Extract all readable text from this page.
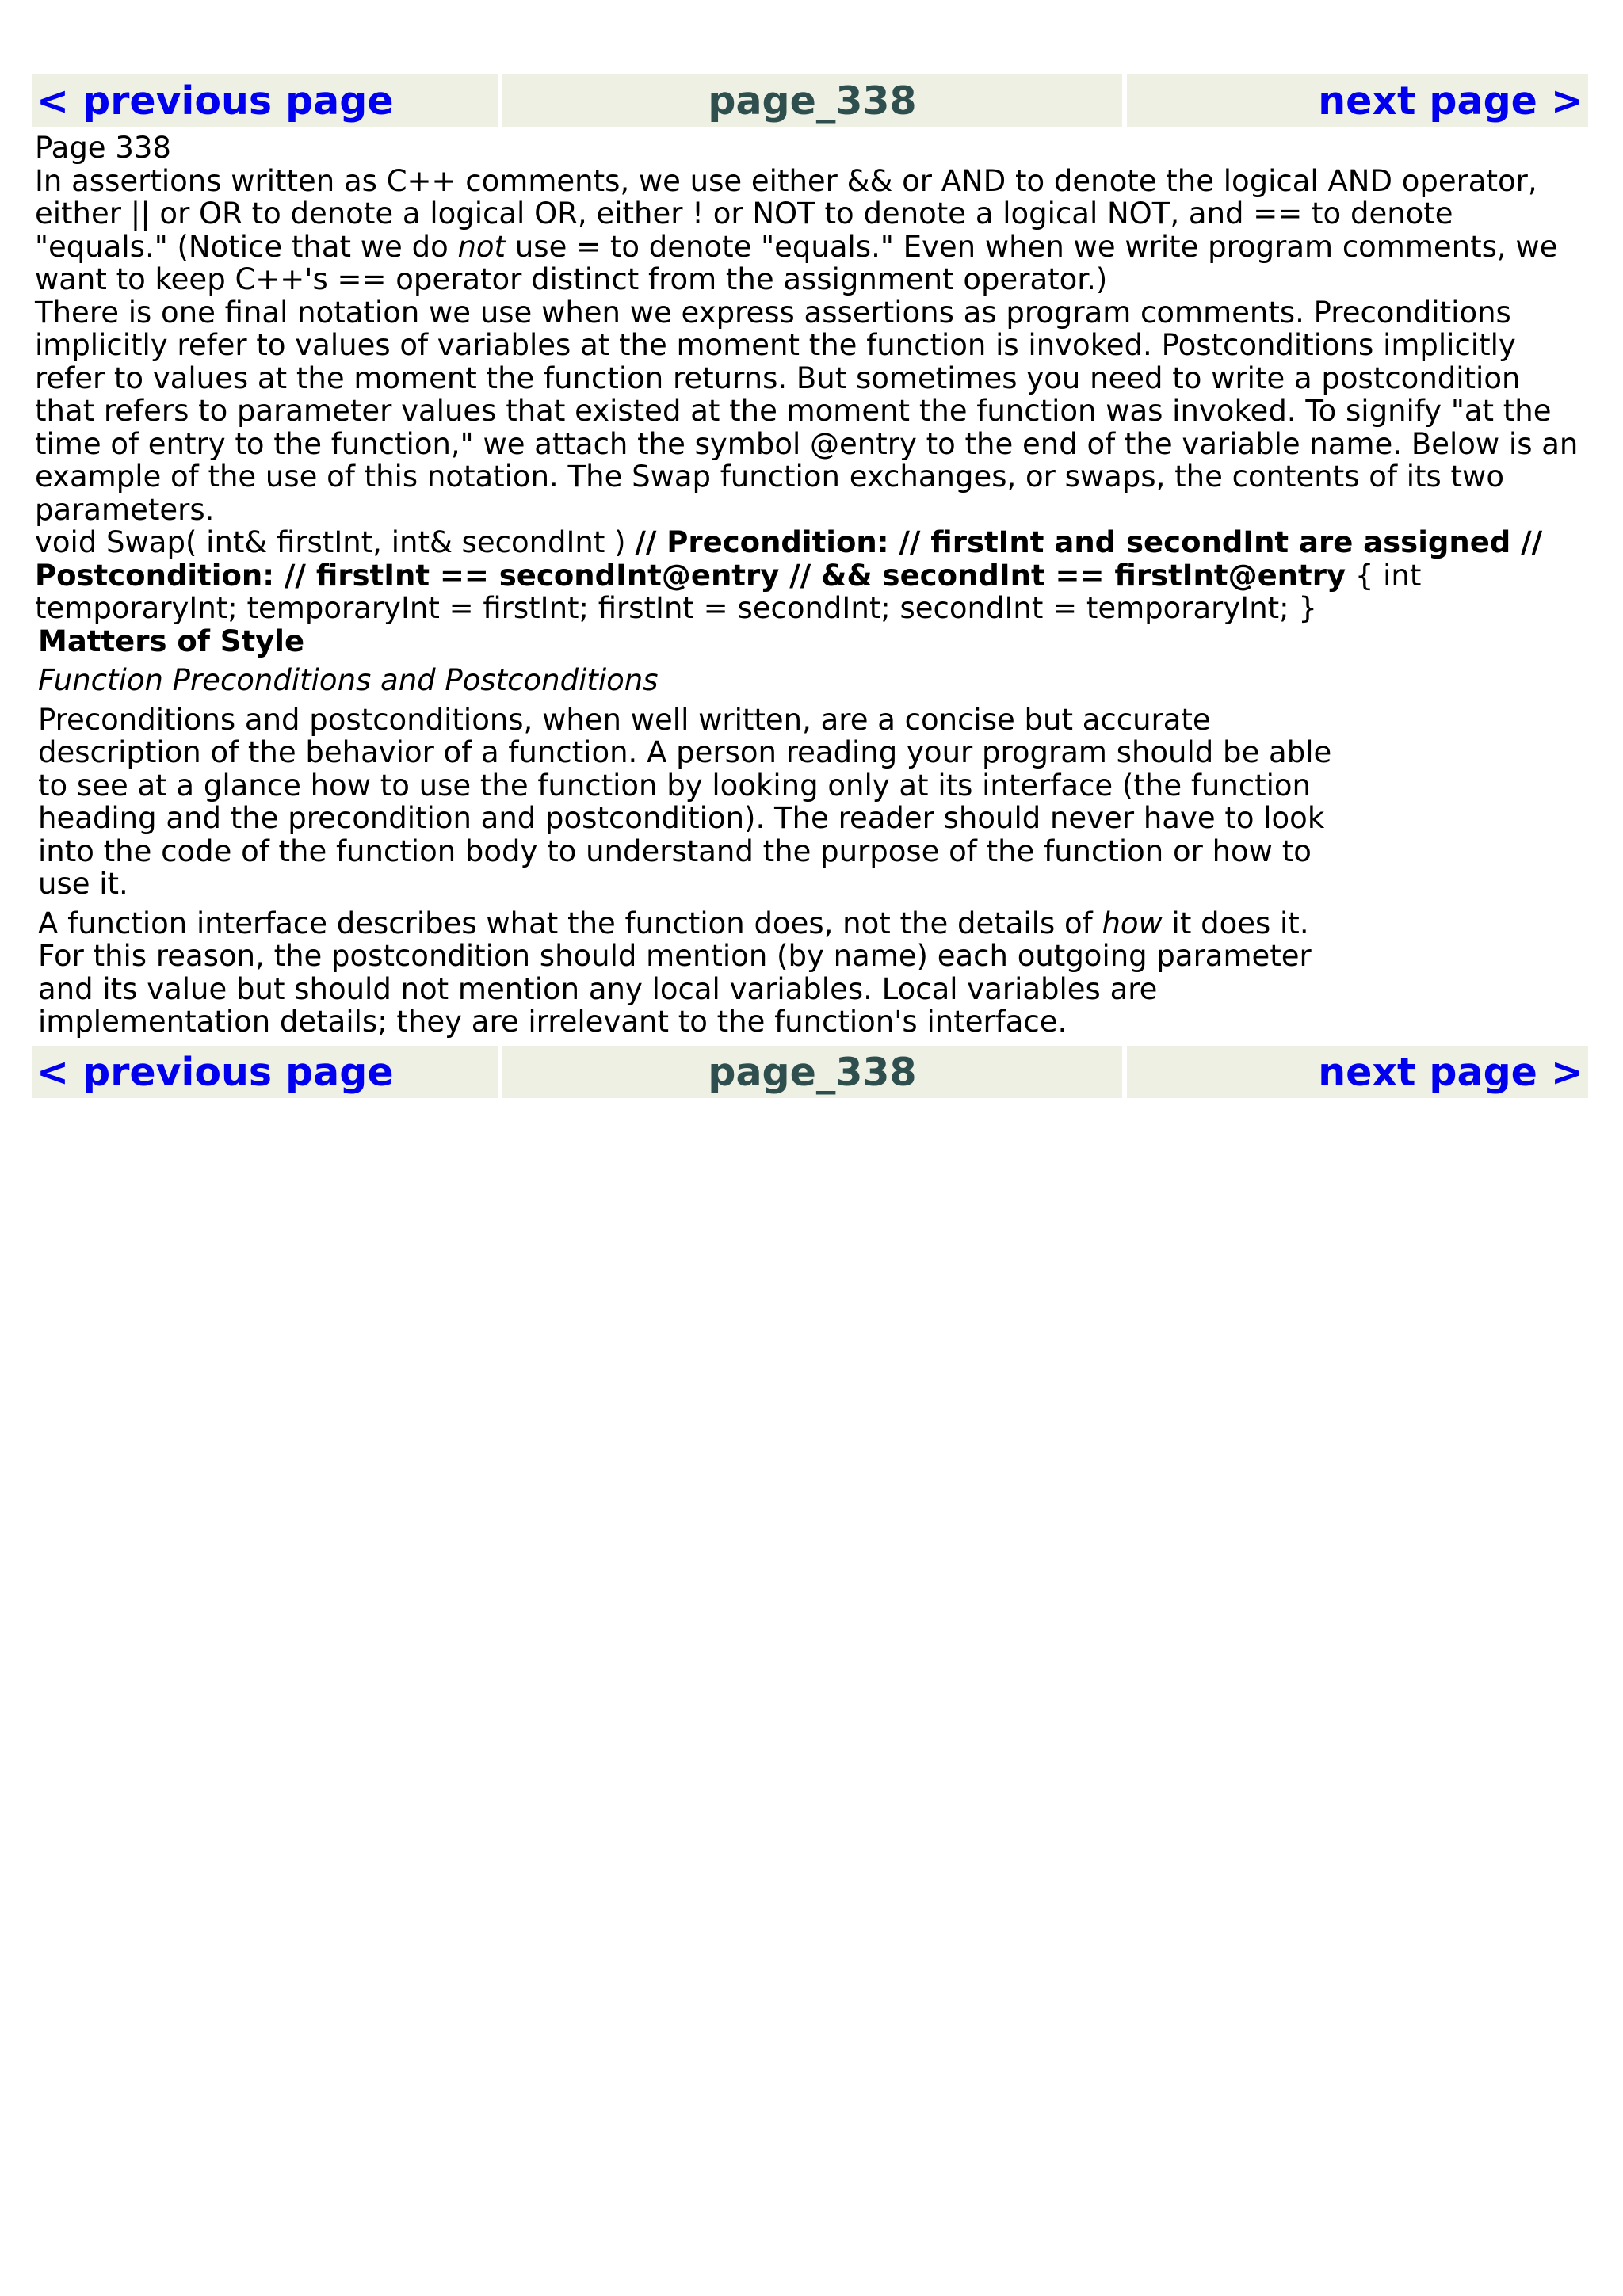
< previous page	page_338	next page >

Page 338

In assertions written as C++ comments, we use either && or AND to denote the logical AND operator, either || or OR to denote a logical OR, either ! or NOT to denote a logical NOT, and == to denote "equals." (Notice that we do not use = to denote "equals." Even when we write program comments, we want to keep C++'s == operator distinct from the assignment operator.)

There is one final notation we use when we express assertions as program comments. Preconditions implicitly refer to values of variables at the moment the function is invoked. Postconditions implicitly refer to values at the moment the function returns. But sometimes you need to write a postcondition that refers to parameter values that existed at the moment the function was invoked. To signify "at the time of entry to the function," we attach the symbol @entry to the end of the variable name. Below is an example of the use of this notation. The Swap function exchanges, or swaps, the contents of its two parameters.

void Swap( int& firstInt, int& secondInt ) // Precondition: // firstInt and secondInt are assigned // Postcondition: // firstInt == secondInt@entry // && secondInt == firstInt@entry { int temporaryInt; temporaryInt = firstInt; firstInt = secondInt; secondInt = temporaryInt; }

Matters of Style

Function Preconditions and Postconditions

Preconditions and postconditions, when well written, are a concise but accurate description of the behavior of a function. A person reading your program should be able to see at a glance how to use the function by looking only at its interface (the function heading and the precondition and postcondition). The reader should never have to look into the code of the function body to understand the purpose of the function or how to use it.

A function interface describes what the function does, not the details of how it does it. For this reason, the postcondition should mention (by name) each outgoing parameter and its value but should not mention any local variables. Local variables are implementation details; they are irrelevant to the function's interface.

< previous page	page_338	next page >
